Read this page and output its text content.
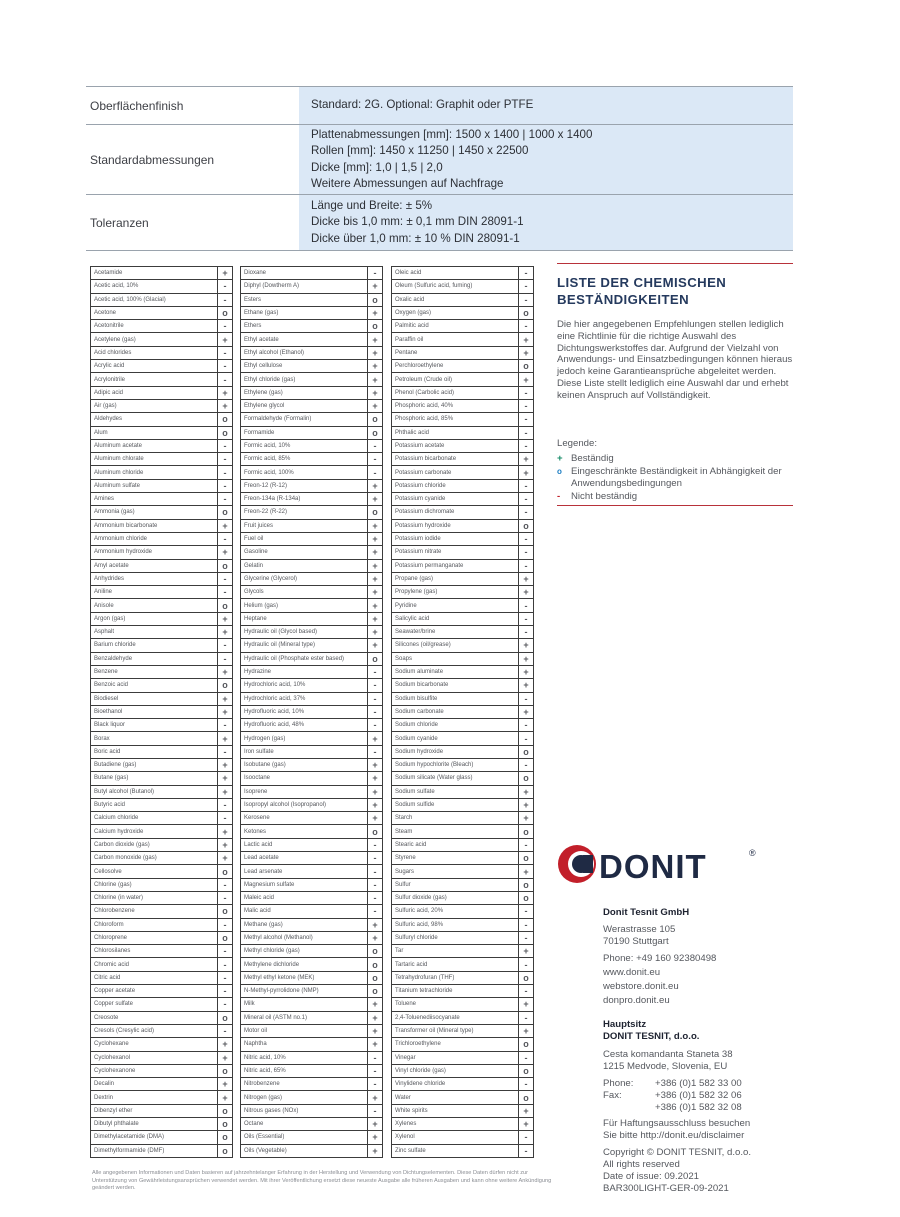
Oberflächenfinish	Standard: 2G. Optional: Graphit oder PTFE

Standardabmessungen	Plattenabmessungen [mm]: 1500 x 1400 | 1000 x 1400
Rollen [mm]: 1450 x 11250 | 1450 x 22500
Dicke [mm]: 1,0 | 1,5 | 2,0
Weitere Abmessungen auf Nachfrage

Toleranzen	Länge und Breite: ± 5%
Dicke bis 1,0 mm: ± 0,1 mm DIN 28091-1
Dicke über 1,0 mm: ± 10 % DIN 28091-1
Acetamide	+
Acetic acid, 10%	-
Acetic acid, 100% (Glacial)	-
Acetone	o
Acetonitrile	-
Acetylene (gas)	+
Acid chlorides	-
Acrylic acid	-
Acrylonitrile	-
Adipic acid	+
Air (gas)	+
Aldehydes	o
Alum	o
Aluminum acetate	-
Aluminum chlorate	-
Aluminum chloride	-
Aluminum sulfate	-
Amines	-
Ammonia (gas)	o
Ammonium bicarbonate	+
Ammonium chloride	-
Ammonium hydroxide	+
Amyl acetate	o
Anhydrides	-
Aniline	-
Anisole	o
Argon (gas)	+
Asphalt	+
Barium chloride	-
Benzaldehyde	-
Benzene	+
Benzoic acid	o
Biodiesel	+
Bioethanol	+
Black liquor	-
Borax	+
Boric acid	-
Butadiene (gas)	+
Butane (gas)	+
Butyl alcohol (Butanol)	+
Butyric acid	-
Calcium chloride	-
Calcium hydroxide	+
Carbon dioxide (gas)	+
Carbon monoxide (gas)	+
Cellosolve	o
Chlorine (gas)	-
Chlorine (in water)	-
Chlorobenzene	o
Chloroform	-
Chloroprene	o
Chlorosilanes	-
Chromic acid	-
Citric acid	-
Copper acetate	-
Copper sulfate	-
Creosote	o
Cresols (Cresylic acid)	-
Cyclohexane	+
Cyclohexanol	+
Cyclohexanone	o
Decalin	+
Dextrin	+
Dibenzyl ether	o
Dibutyl phthalate	o
Dimethylacetamide (DMA)	o
Dimethylformamide (DMF)	o
Dioxane	-
Diphyl (Dowtherm A)	+
Esters	o
Ethane (gas)	+
Ethers	o
Ethyl acetate	+
Ethyl alcohol (Ethanol)	+
Ethyl cellulose	+
Ethyl chloride (gas)	+
Ethylene (gas)	+
Ethylene glycol	+
Formaldehyde (Formalin)	o
Formamide	o
Formic acid, 10%	-
Formic acid, 85%	-
Formic acid, 100%	-
Freon-12 (R-12)	+
Freon-134a (R-134a)	+
Freon-22 (R-22)	o
Fruit juices	+
Fuel oil	+
Gasoline	+
Gelatin	+
Glycerine (Glycerol)	+
Glycols	+
Helium (gas)	+
Heptane	+
Hydraulic oil (Glycol based)	+
Hydraulic oil (Mineral type)	+
Hydraulic oil (Phosphate ester based)	o
Hydrazine	-
Hydrochloric acid, 10%	-
Hydrochloric acid, 37%	-
Hydrofluoric acid, 10%	-
Hydrofluoric acid, 48%	-
Hydrogen (gas)	+
Iron sulfate	-
Isobutane (gas)	+
Isooctane	+
Isoprene	+
Isopropyl alcohol (Isopropanol)	+
Kerosene	+
Ketones	o
Lactic acid	-
Lead acetate	-
Lead arsenate	-
Magnesium sulfate	-
Maleic acid	-
Malic acid	-
Methane (gas)	+
Methyl alcohol (Methanol)	+
Methyl chloride (gas)	o
Methylene dichloride	o
Methyl ethyl ketone (MEK)	o
N-Methyl-pyrrolidone (NMP)	o
Milk	+
Mineral oil (ASTM no.1)	+
Motor oil	+
Naphtha	+
Nitric acid, 10%	-
Nitric acid, 65%	-
Nitrobenzene	-
Nitrogen (gas)	+
Nitrous gases (NOx)	-
Octane	+
Oils (Essential)	+
Oils (Vegetable)	+
Oleic acid	-
Oleum (Sulfuric acid, fuming)	-
Oxalic acid	-
Oxygen (gas)	o
Palmitic acid	-
Paraffin oil	+
Pentane	+
Perchloroethylene	o
Petroleum (Crude oil)	+
Phenol (Carbolic acid)	-
Phosphoric acid, 40%	-
Phosphoric acid, 85%	-
Phthalic acid	-
Potassium acetate	-
Potassium bicarbonate	+
Potassium carbonate	+
Potassium chloride	-
Potassium cyanide	-
Potassium dichromate	-
Potassium hydroxide	o
Potassium iodide	-
Potassium nitrate	-
Potassium permanganate	-
Propane (gas)	+
Propylene (gas)	+
Pyridine	-
Salicylic acid	-
Seawater/brine	-
Silicones (oil/grease)	+
Soaps	+
Sodium aluminate	+
Sodium bicarbonate	+
Sodium bisulfite	-
Sodium carbonate	+
Sodium chloride	-
Sodium cyanide	-
Sodium hydroxide	o
Sodium hypochlorite (Bleach)	-
Sodium silicate (Water glass)	o
Sodium sulfate	+
Sodium sulfide	+
Starch	+
Steam	o
Stearic acid	-
Styrene	o
Sugars	+
Sulfur	o
Sulfur dioxide (gas)	o
Sulfuric acid, 20%	-
Sulfuric acid, 98%	-
Sulfuryl chloride	-
Tar	+
Tartaric acid	-
Tetrahydrofuran (THF)	o
Titanium tetrachloride	-
Toluene	+
2,4-Toluenediisocyanate	-
Transformer oil (Mineral type)	+
Trichloroethylene	o
Vinegar	-
Vinyl chloride (gas)	o
Vinylidene chloride	-
Water	o
White spirits	+
Xylenes	+
Xylenol	-
Zinc sulfate	-
LISTE DER CHEMISCHEN
BESTÄNDIGKEITEN
Die hier angegebenen Empfehlungen stellen lediglich eine Richtlinie für die richtige Auswahl des Dichtungswerkstoffes dar. Aufgrund der Vielzahl von Anwendungs- und Einsatzbedingungen können hieraus jedoch keine Garantieansprüche abgeleitet werden. Diese Liste stellt lediglich eine Auswahl dar und erhebt keinen Anspruch auf Vollständigkeit.
Legende:
+ Beständig
o Eingeschränkte Beständigkeit in Abhängigkeit der Anwendungsbedingungen
- Nicht beständig
DONIT	®
Donit Tesnit GmbH
Werastrasse 105
70190 Stuttgart
Phone: +49 160 92380498
www.donit.eu
webstore.donit.eu
donpro.donit.eu
Hauptsitz
DONIT TESNIT, d.o.o.
Cesta komandanta Staneta 38
1215 Medvode, Slovenia, EU
Phone:	+386 (0)1 582 33 00
Fax:	+386 (0)1 582 32 06
	+386 (0)1 582 32 08
Für Haftungsausschluss besuchen
Sie bitte http://donit.eu/disclaimer
Copyright © DONIT TESNIT, d.o.o.
All rights reserved
Date of issue: 09.2021
BAR300LIGHT-GER-09-2021
Alle angegebenen Informationen und Daten basieren auf jahrzehntelanger Erfahrung in der Herstellung und Verwendung von Dichtungselementen. Diese Daten dürfen nicht zur Unterstützung von Gewährleistungsansprüchen verwendet werden. Mit ihrer Veröffentlichung ersetzt diese neueste Ausgabe alle früheren Ausgaben und kann ohne weitere Ankündigung geändert werden.
